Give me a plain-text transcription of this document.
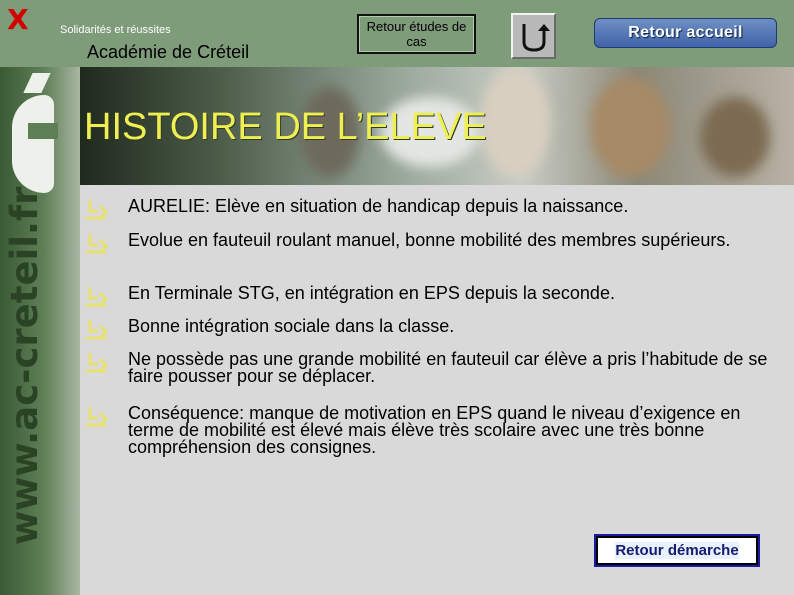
X	Solidarités et réussites
Académie de Créteil
Retour études de cas
Retour accueil
www.ac-creteil.fr
HISTOIRE DE L’ELEVE
AURELIE: Elève en situation de handicap depuis la naissance.
Evolue en fauteuil roulant manuel, bonne mobilité des membres supérieurs.
En Terminale STG, en intégration en EPS depuis la seconde.
Bonne intégration sociale dans la classe.
Ne possède pas une grande mobilité en fauteuil car élève a pris l’habitude de se faire pousser pour se déplacer.
Conséquence: manque de motivation en EPS quand le niveau d’exigence en terme de mobilité est élevé mais élève très scolaire avec une très bonne compréhension des consignes.
Retour démarche
